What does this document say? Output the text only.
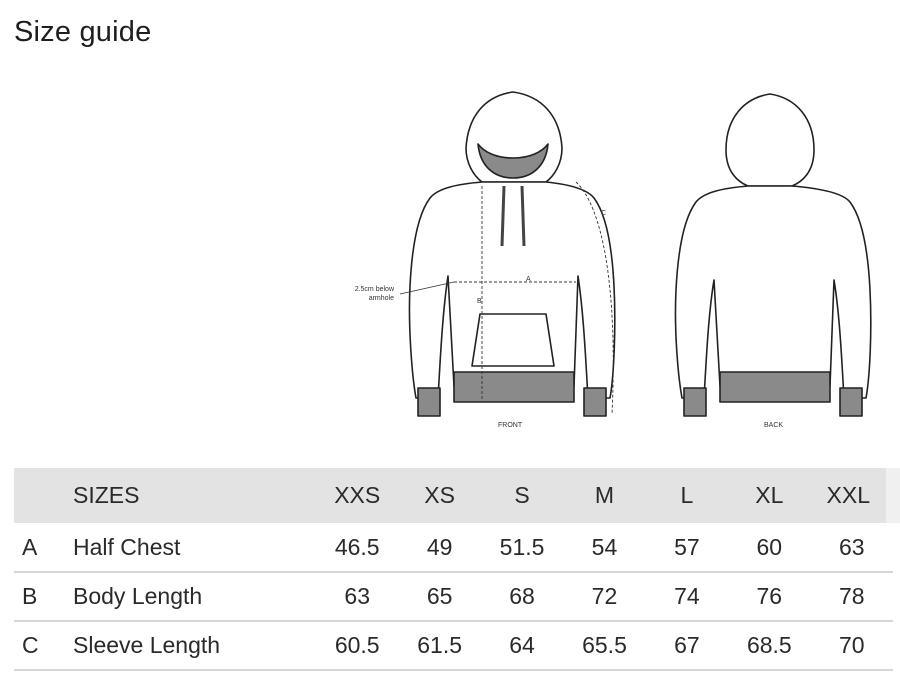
Size guide
A
B
C
2.5cm below
armhole
FRONT	BACK
	SIZES	XXS	XS	S	M	L	XL	XXL
A	Half Chest	46.5	49	51.5	54	57	60	63
B	Body Length	63	65	68	72	74	76	78
C	Sleeve Length	60.5	61.5	64	65.5	67	68.5	70
